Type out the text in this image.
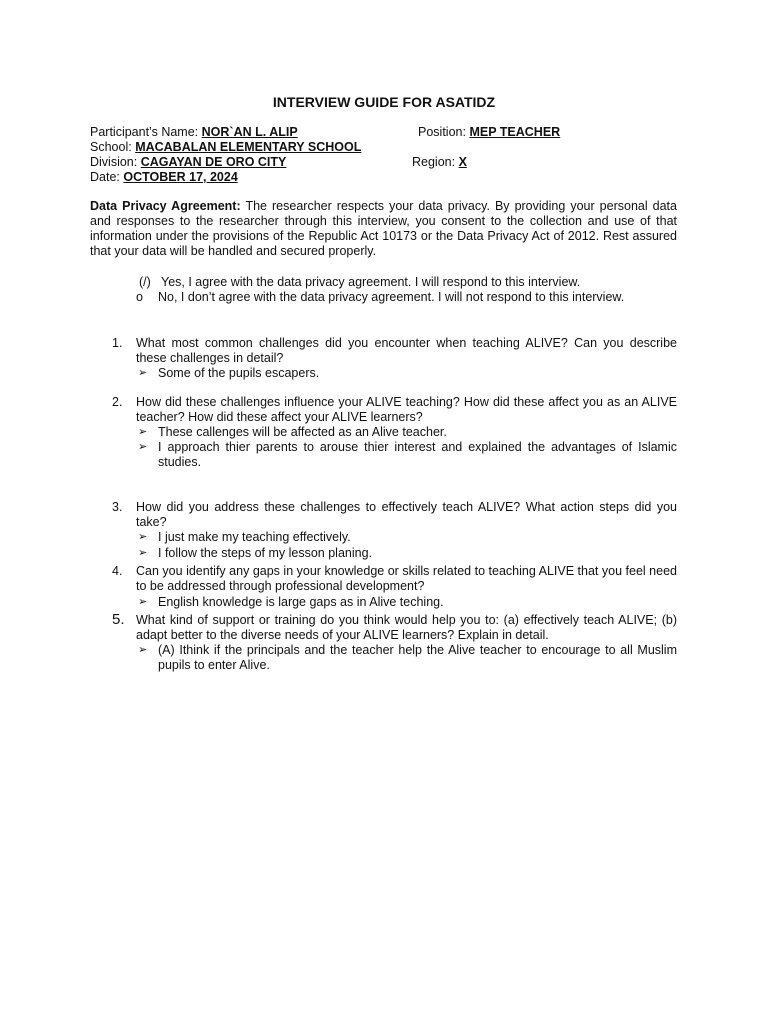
INTERVIEW GUIDE FOR ASATIDZ
Participant’s Name: NOR`AN L. ALIP	Position: MEP TEACHER
School: MACABALAN ELEMENTARY SCHOOL
Division: CAGAYAN DE ORO CITY	Region: X
Date: OCTOBER 17, 2024
Data Privacy Agreement: The researcher respects your data privacy. By providing your personal data and responses to the researcher through this interview, you consent to the collection and use of that information under the provisions of the Republic Act 10173 or the Data Privacy Act of 2012. Rest assured that your data will be handled and secured properly.
(/) Yes, I agree with the data privacy agreement. I will respond to this interview.
o No, I don’t agree with the data privacy agreement. I will not respond to this interview.
1. What most common challenges did you encounter when teaching ALIVE? Can you describe these challenges in detail?
➢ Some of the pupils escapers.
2. How did these challenges influence your ALIVE teaching? How did these affect you as an ALIVE teacher? How did these affect your ALIVE learners?
➢ These callenges will be affected as an Alive teacher.
➢ I approach thier parents to arouse thier interest and explained the advantages of Islamic studies.
3. How did you address these challenges to effectively teach ALIVE? What action steps did you take?
➢ I just make my teaching effectively.
➢ I follow the steps of my lesson planing.
4. Can you identify any gaps in your knowledge or skills related to teaching ALIVE that you feel need to be addressed through professional development?
➢ English knowledge is large gaps as in Alive teching.
5. What kind of support or training do you think would help you to: (a) effectively teach ALIVE; (b) adapt better to the diverse needs of your ALIVE learners? Explain in detail.
➢ (A) Ithink if the principals and the teacher help the Alive teacher to encourage to all Muslim pupils to enter Alive.
